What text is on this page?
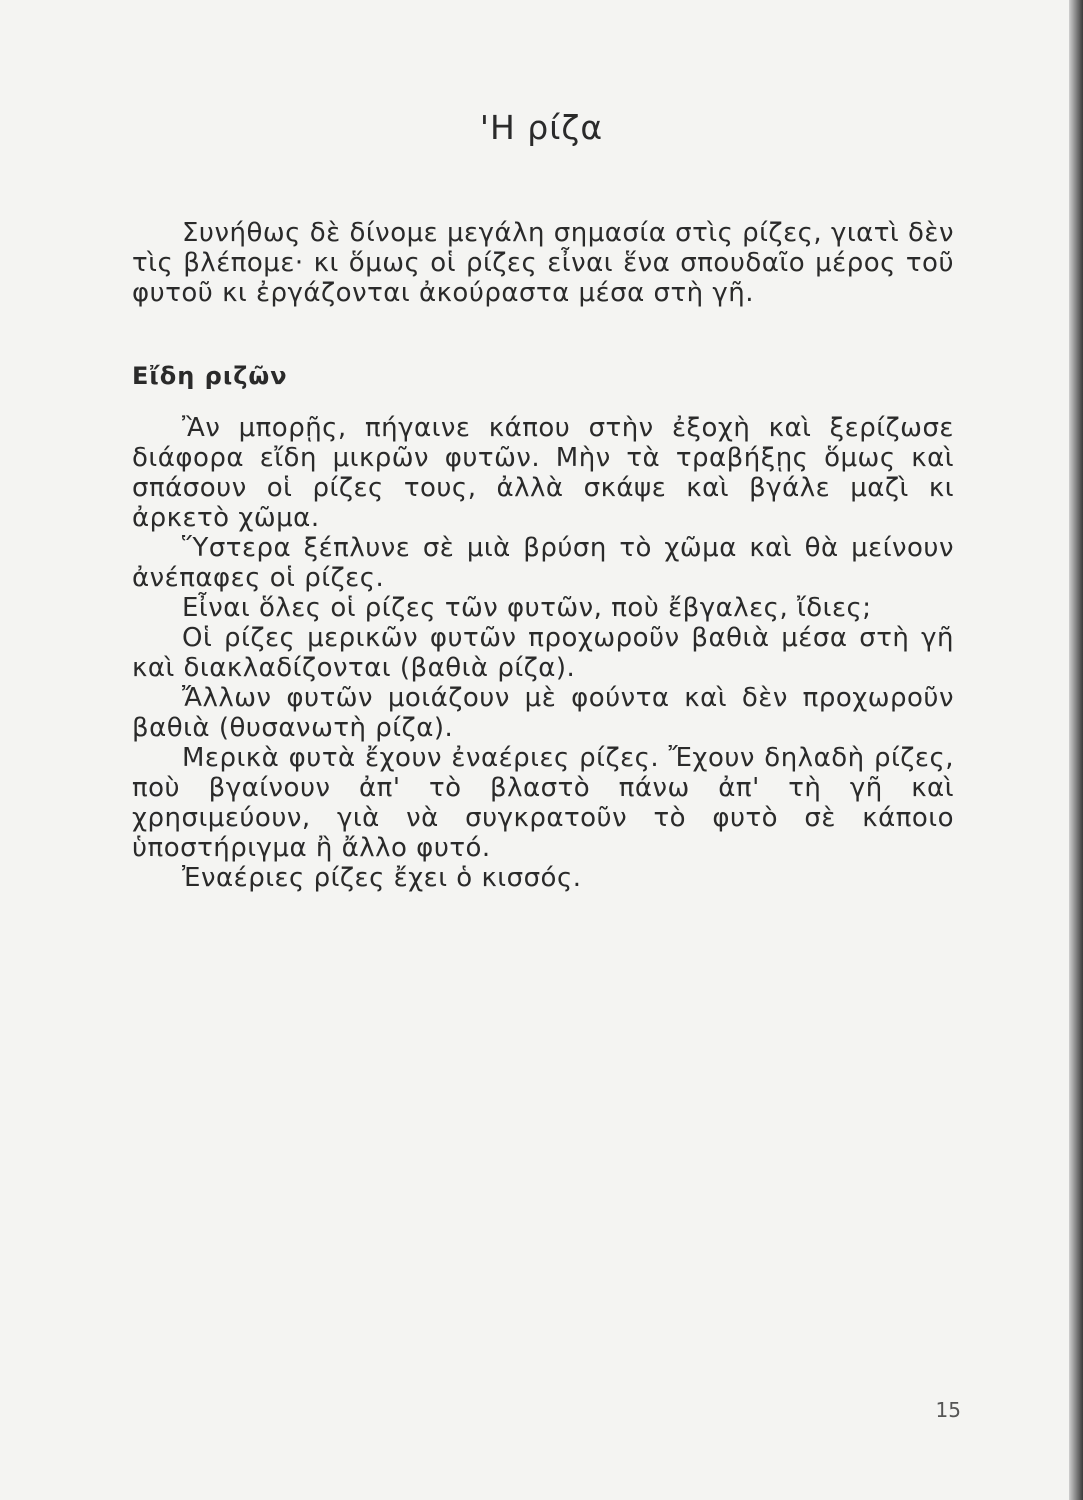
'Η ρίζα

Συνήθως δὲ δίνομε μεγάλη σημασία στὶς ρίζες, γιατὶ δὲν τὶς βλέπομε· κι ὅμως οἱ ρίζες εἶναι ἕνα σπουδαῖο μέρος τοῦ φυτοῦ κι ἐργάζονται ἀκούραστα μέσα στὴ γῆ.

Εἴδη ριζῶν

Ἂν μπορῇς, πήγαινε κάπου στὴν ἐξοχὴ καὶ ξερίζωσε διάφορα εἴδη μικρῶν φυτῶν. Μὴν τὰ τραβήξῃς ὅμως καὶ σπάσουν οἱ ρίζες τους, ἀλλὰ σκάψε καὶ βγάλε μαζὶ κι ἀρκετὸ χῶμα.

Ὕστερα ξέπλυνε σὲ μιὰ βρύση τὸ χῶμα καὶ θὰ μείνουν ἀνέπαφες οἱ ρίζες.

Εἶναι ὅλες οἱ ρίζες τῶν φυτῶν, ποὺ ἔβγαλες, ἴδιες;

Οἱ ρίζες μερικῶν φυτῶν προχωροῦν βαθιὰ μέσα στὴ γῆ καὶ διακλαδίζονται (βαθιὰ ρίζα).

Ἄλλων φυτῶν μοιάζουν μὲ φούντα καὶ δὲν προχωροῦν βαθιὰ (θυσανωτὴ ρίζα).

Μερικὰ φυτὰ ἔχουν ἐναέριες ρίζες. Ἔχουν δηλαδὴ ρίζες, ποὺ βγαίνουν ἀπ' τὸ βλαστὸ πάνω ἀπ' τὴ γῆ καὶ χρησιμεύουν, γιὰ νὰ συγκρατοῦν τὸ φυτὸ σὲ κάποιο ὑποστήριγμα ἢ ἄλλο φυτό.

Ἐναέριες ρίζες ἔχει ὁ κισσός.

15
